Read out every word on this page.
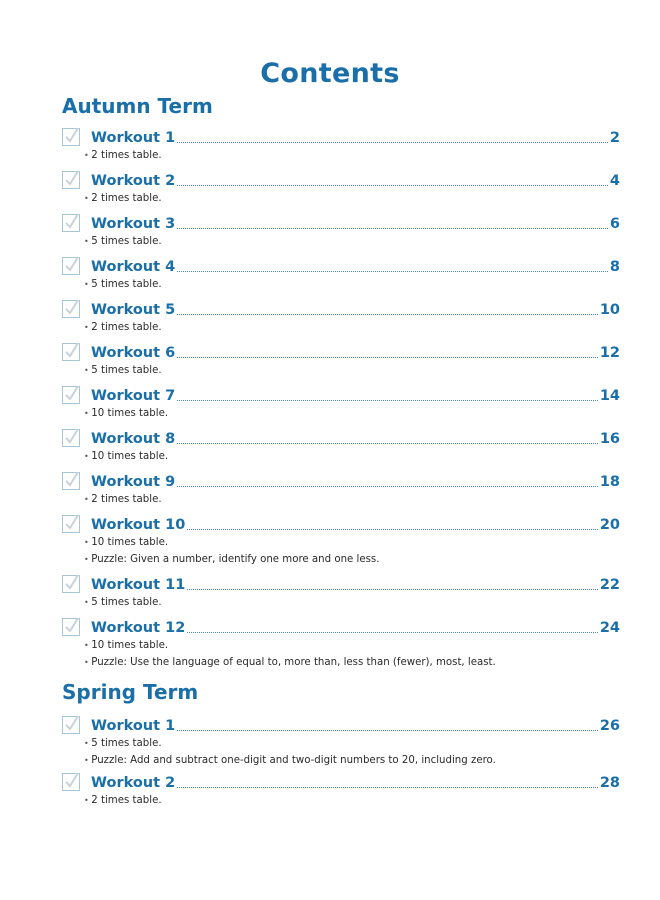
Contents
Autumn Term
Workout 1	2
• 2 times table.
Workout 2	4
• 2 times table.
Workout 3	6
• 5 times table.
Workout 4	8
• 5 times table.
Workout 5	10
• 2 times table.
Workout 6	12
• 5 times table.
Workout 7	14
• 10 times table.
Workout 8	16
• 10 times table.
Workout 9	18
• 2 times table.
Workout 10	20
• 10 times table.
• Puzzle: Given a number, identify one more and one less.
Workout 11	22
• 5 times table.
Workout 12	24
• 10 times table.
• Puzzle: Use the language of equal to, more than, less than (fewer), most, least.
Spring Term
Workout 1	26
• 5 times table.
• Puzzle: Add and subtract one-digit and two-digit numbers to 20, including zero.
Workout 2	28
• 2 times table.
